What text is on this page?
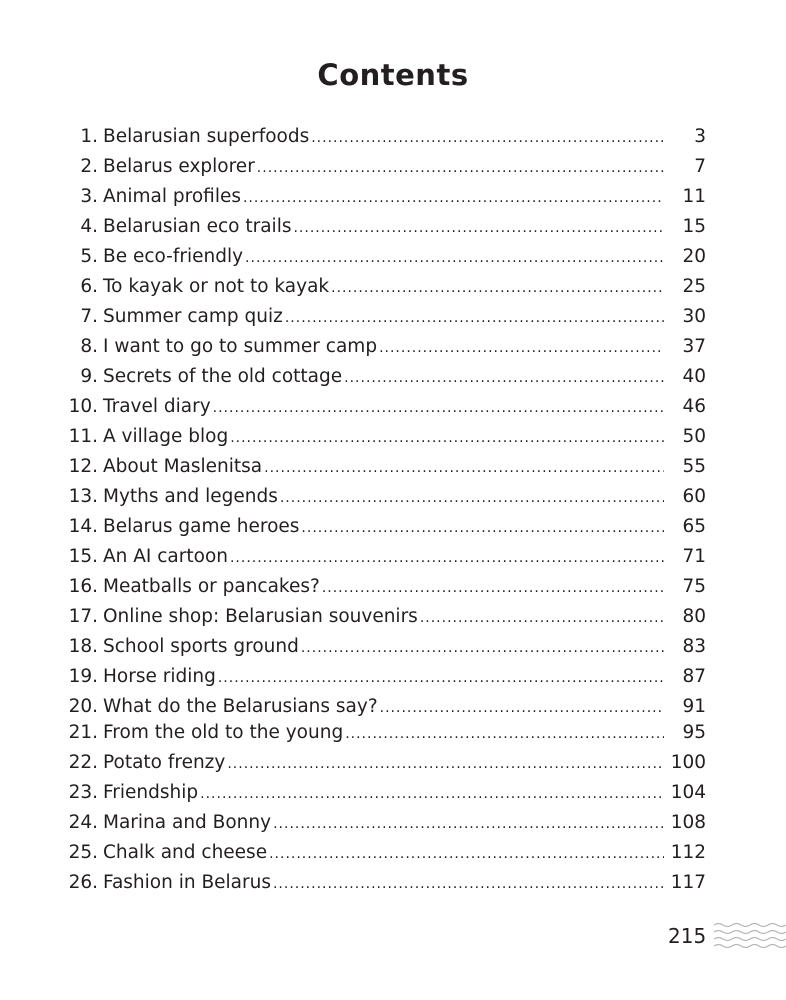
Contents
1. Belarusian superfoods .....	3
2. Belarus explorer .....	7
3. Animal profiles .....	11
4. Belarusian eco trails .....	15
5. Be eco-friendly .....	20
6. To kayak or not to kayak .....	25
7. Summer camp quiz .....	30
8. I want to go to summer camp .....	37
9. Secrets of the old cottage .....	40
10. Travel diary .....	46
11. A village blog .....	50
12. About Maslenitsa .....	55
13. Myths and legends .....	60
14. Belarus game heroes .....	65
15. An AI cartoon .....	71
16. Meatballs or pancakes? .....	75
17. Online shop: Belarusian souvenirs .....	80
18. School sports ground .....	83
19. Horse riding .....	87
20. What do the Belarusians say? .....	91
21. From the old to the young .....	95
22. Potato frenzy .....	100
23. Friendship .....	104
24. Marina and Bonny .....	108
25. Chalk and cheese .....	112
26. Fashion in Belarus .....	117
215
